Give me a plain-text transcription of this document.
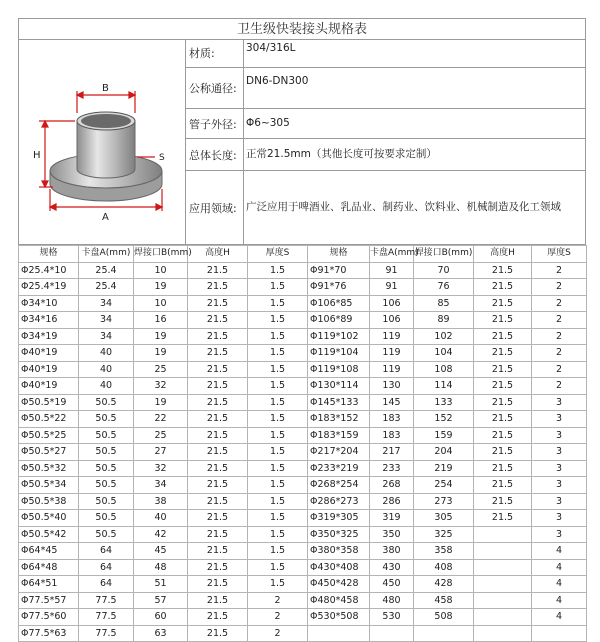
卫生级快装接头规格表
B
A
H	S
材质:	304/316L
公称通径:
DN6-DN300
管子外径: Φ6~305
总体长度: 正常21.5mm（其他长度可按要求定制）
应用领域: 广泛应用于啤酒业、乳品业、制药业、饮料业、机械制造及化工领域
规格	卡盘A(mm)	焊接口B(mm)	高度H	厚度S	规格	卡盘A(mm)	焊接口B(mm)	高度H	厚度S
Φ25.4*10	25.4	10	21.5	1.5	Φ91*70	91	70	21.5	2
Φ25.4*19	25.4	19	21.5	1.5	Φ91*76	91	76	21.5	2
Φ34*10	34	10	21.5	1.5	Φ106*85	106	85	21.5	2
Φ34*16	34	16	21.5	1.5	Φ106*89	106	89	21.5	2
Φ34*19	34	19	21.5	1.5	Φ119*102	119	102	21.5	2
Φ40*19	40	19	21.5	1.5	Φ119*104	119	104	21.5	2
Φ40*19	40	25	21.5	1.5	Φ119*108	119	108	21.5	2
Φ40*19	40	32	21.5	1.5	Φ130*114	130	114	21.5	2
Φ50.5*19	50.5	19	21.5	1.5	Φ145*133	145	133	21.5	3
Φ50.5*22	50.5	22	21.5	1.5	Φ183*152	183	152	21.5	3
Φ50.5*25	50.5	25	21.5	1.5	Φ183*159	183	159	21.5	3
Φ50.5*27	50.5	27	21.5	1.5	Φ217*204	217	204	21.5	3
Φ50.5*32	50.5	32	21.5	1.5	Φ233*219	233	219	21.5	3
Φ50.5*34	50.5	34	21.5	1.5	Φ268*254	268	254	21.5	3
Φ50.5*38	50.5	38	21.5	1.5	Φ286*273	286	273	21.5	3
Φ50.5*40	50.5	40	21.5	1.5	Φ319*305	319	305	21.5	3
Φ50.5*42	50.5	42	21.5	1.5	Φ350*325	350	325		3
Φ64*45	64	45	21.5	1.5	Φ380*358	380	358		4
Φ64*48	64	48	21.5	1.5	Φ430*408	430	408		4
Φ64*51	64	51	21.5	1.5	Φ450*428	450	428		4
Φ77.5*57	77.5	57	21.5	2	Φ480*458	480	458		4
Φ77.5*60	77.5	60	21.5	2	Φ530*508	530	508		4
Φ77.5*63	77.5	63	21.5	2					
